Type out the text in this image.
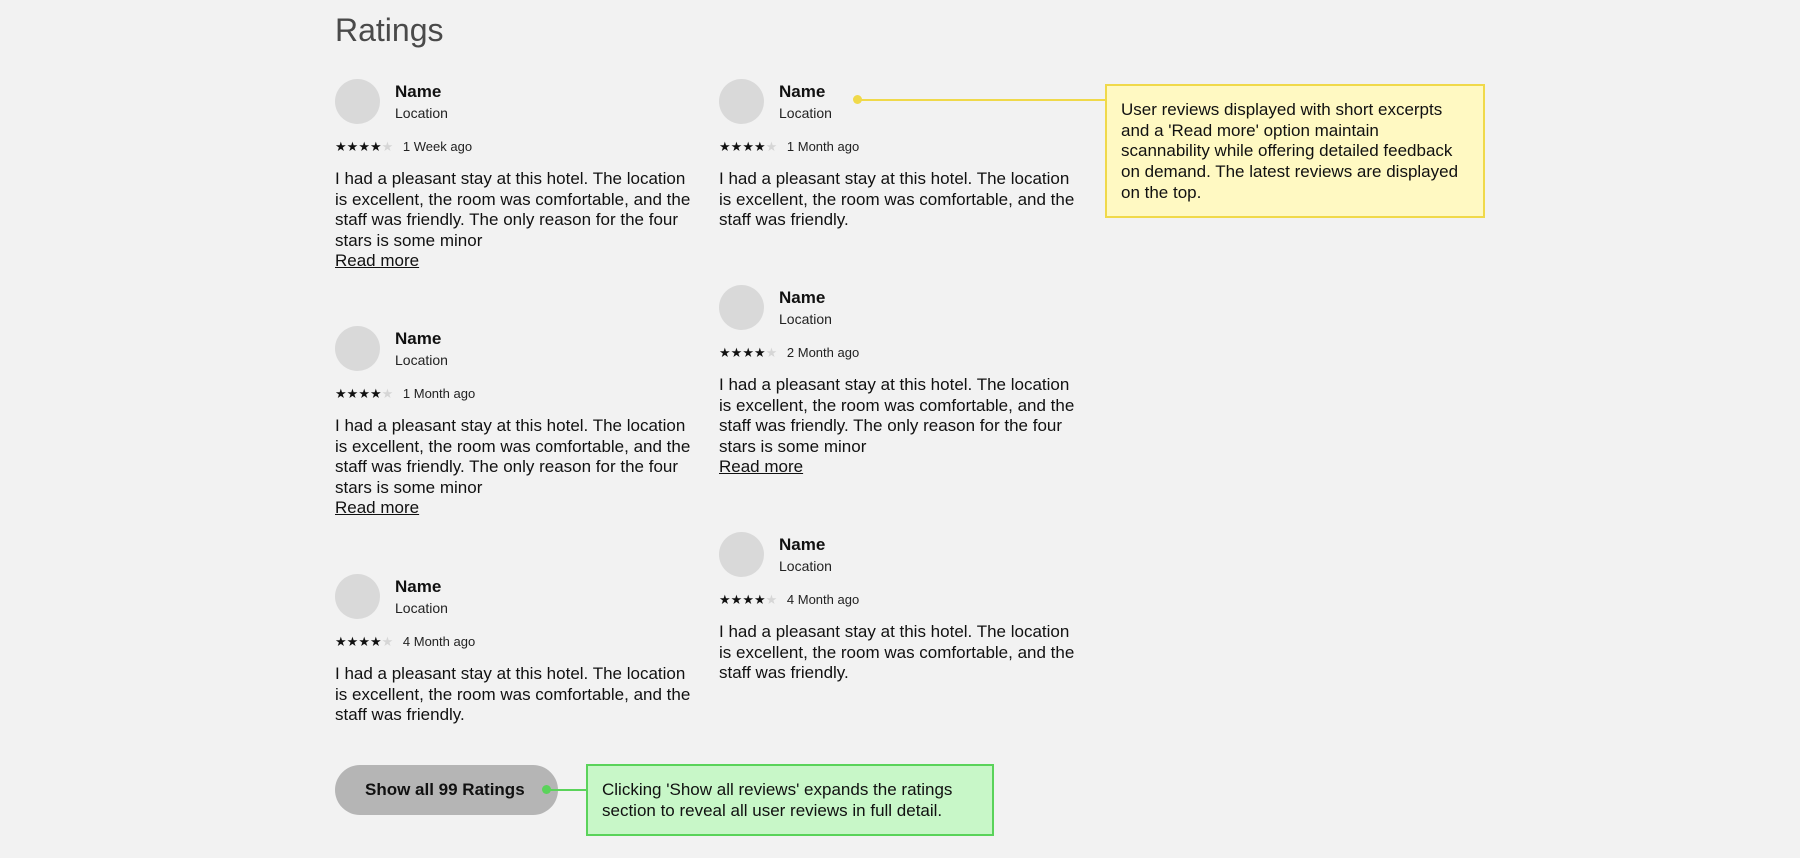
Ratings
Name
Location
★★★★★ 1 Week ago
I had a pleasant stay at this hotel. The location is excellent, the room was comfortable, and the staff was friendly. The only reason for the four stars is some minor
Read more
Name
Location
★★★★★ 1 Month ago
I had a pleasant stay at this hotel. The location is excellent, the room was comfortable, and the staff was friendly. The only reason for the four stars is some minor
Read more
Name
Location
★★★★★ 4 Month ago
I had a pleasant stay at this hotel. The location is excellent, the room was comfortable, and the staff was friendly.
Name
Location
★★★★★ 1 Month ago
I had a pleasant stay at this hotel. The location is excellent, the room was comfortable, and the staff was friendly.
Name
Location
★★★★★ 2 Month ago
I had a pleasant stay at this hotel. The location is excellent, the room was comfortable, and the staff was friendly. The only reason for the four stars is some minor
Read more
Name
Location
★★★★★ 4 Month ago
I had a pleasant stay at this hotel. The location is excellent, the room was comfortable, and the staff was friendly.
User reviews displayed with short excerpts and a 'Read more' option maintain scannability while offering detailed feedback on demand. The latest reviews are displayed on the top.
Show all 99 Ratings	Clicking 'Show all reviews' expands the ratings section to reveal all user reviews in full detail.
